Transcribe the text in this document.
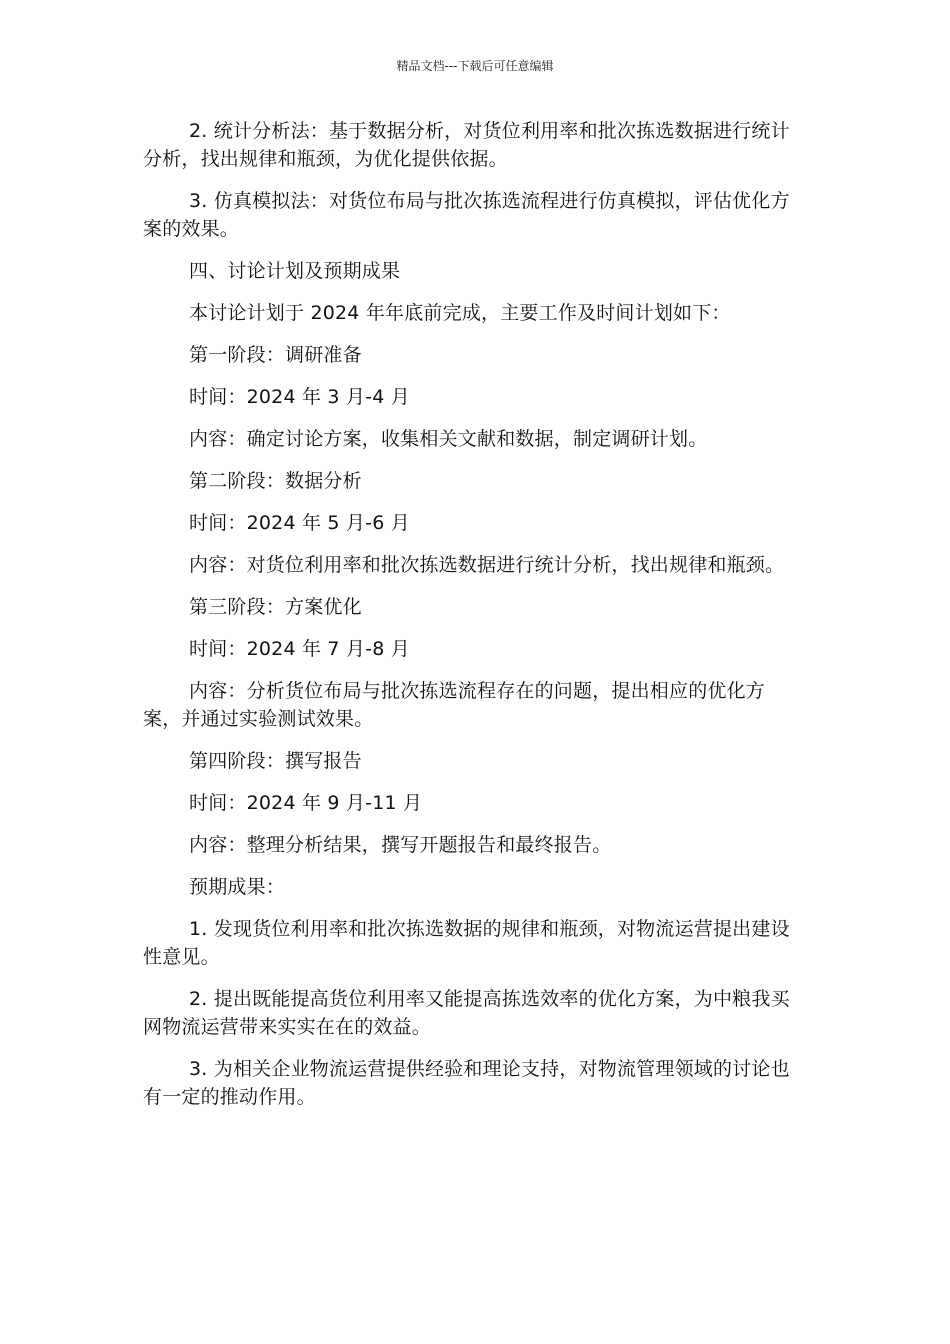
精品文档---下载后可任意编辑

2. 统计分析法：基于数据分析，对货位利用率和批次拣选数据进行统计分析，找出规律和瓶颈，为优化提供依据。

3. 仿真模拟法：对货位布局与批次拣选流程进行仿真模拟，评估优化方案的效果。

四、讨论计划及预期成果

本讨论计划于 2024 年年底前完成，主要工作及时间计划如下：

第一阶段：调研准备

时间：2024 年 3 月-4 月

内容：确定讨论方案，收集相关文献和数据，制定调研计划。

第二阶段：数据分析

时间：2024 年 5 月-6 月

内容：对货位利用率和批次拣选数据进行统计分析，找出规律和瓶颈。

第三阶段：方案优化

时间：2024 年 7 月-8 月

内容：分析货位布局与批次拣选流程存在的问题，提出相应的优化方案，并通过实验测试效果。

第四阶段：撰写报告

时间：2024 年 9 月-11 月

内容：整理分析结果，撰写开题报告和最终报告。

预期成果：

1. 发现货位利用率和批次拣选数据的规律和瓶颈，对物流运营提出建设性意见。

2. 提出既能提高货位利用率又能提高拣选效率的优化方案，为中粮我买网物流运营带来实实在在的效益。

3. 为相关企业物流运营提供经验和理论支持，对物流管理领域的讨论也有一定的推动作用。
